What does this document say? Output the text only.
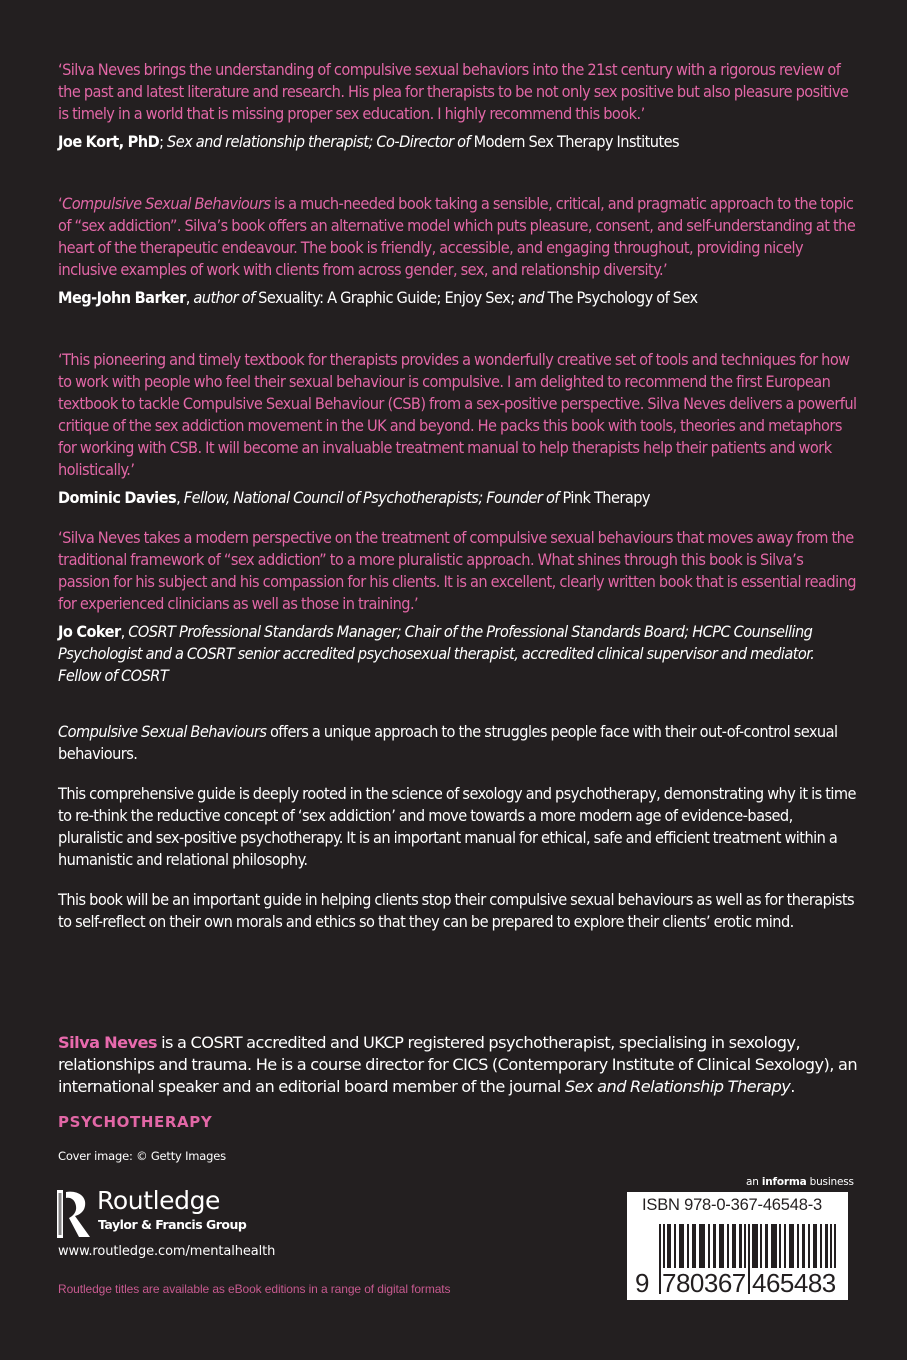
‘Silva Neves brings the understanding of compulsive sexual behaviors into the 21st century with a rigorous review of the past and latest literature and research. His plea for therapists to be not only sex positive but also pleasure positive is timely in a world that is missing proper sex education. I highly recommend this book.’
Joe Kort, PhD; Sex and relationship therapist; Co-Director of Modern Sex Therapy Institutes
‘Compulsive Sexual Behaviours is a much-needed book taking a sensible, critical, and pragmatic approach to the topic of “sex addiction”. Silva’s book offers an alternative model which puts pleasure, consent, and self-understanding at the heart of the therapeutic endeavour. The book is friendly, accessible, and engaging throughout, providing nicely inclusive examples of work with clients from across gender, sex, and relationship diversity.’
Meg-John Barker, author of Sexuality: A Graphic Guide; Enjoy Sex; and The Psychology of Sex
‘This pioneering and timely textbook for therapists provides a wonderfully creative set of tools and techniques for how to work with people who feel their sexual behaviour is compulsive. I am delighted to recommend the first European textbook to tackle Compulsive Sexual Behaviour (CSB) from a sex-positive perspective. Silva Neves delivers a powerful critique of the sex addiction movement in the UK and beyond. He packs this book with tools, theories and metaphors for working with CSB. It will become an invaluable treatment manual to help therapists help their patients and work holistically.’
Dominic Davies, Fellow, National Council of Psychotherapists; Founder of Pink Therapy
‘Silva Neves takes a modern perspective on the treatment of compulsive sexual behaviours that moves away from the traditional framework of “sex addiction” to a more pluralistic approach. What shines through this book is Silva’s passion for his subject and his compassion for his clients. It is an excellent, clearly written book that is essential reading for experienced clinicians as well as those in training.’
Jo Coker, COSRT Professional Standards Manager; Chair of the Professional Standards Board; HCPC Counselling Psychologist and a COSRT senior accredited psychosexual therapist, accredited clinical supervisor and mediator. Fellow of COSRT

Compulsive Sexual Behaviours offers a unique approach to the struggles people face with their out-of-control sexual behaviours.

This comprehensive guide is deeply rooted in the science of sexology and psychotherapy, demonstrating why it is time to re-think the reductive concept of ‘sex addiction’ and move towards a more modern age of evidence-based, pluralistic and sex-positive psychotherapy. It is an important manual for ethical, safe and efficient treatment within a humanistic and relational philosophy.

This book will be an important guide in helping clients stop their compulsive sexual behaviours as well as for therapists to self-reflect on their own morals and ethics so that they can be prepared to explore their clients’ erotic mind.

Silva Neves is a COSRT accredited and UKCP registered psychotherapist, specialising in sexology, relationships and trauma. He is a course director for CICS (Contemporary Institute of Clinical Sexology), an international speaker and an editorial board member of the journal Sex and Relationship Therapy.
PSYCHOTHERAPY
Cover image: © Getty Images
Routledge
Taylor & Francis Group
www.routledge.com/mentalhealth
Routledge titles are available as eBook editions in a range of digital formats
an informa business
ISBN 978-0-367-46548-3
9 780367 465483
